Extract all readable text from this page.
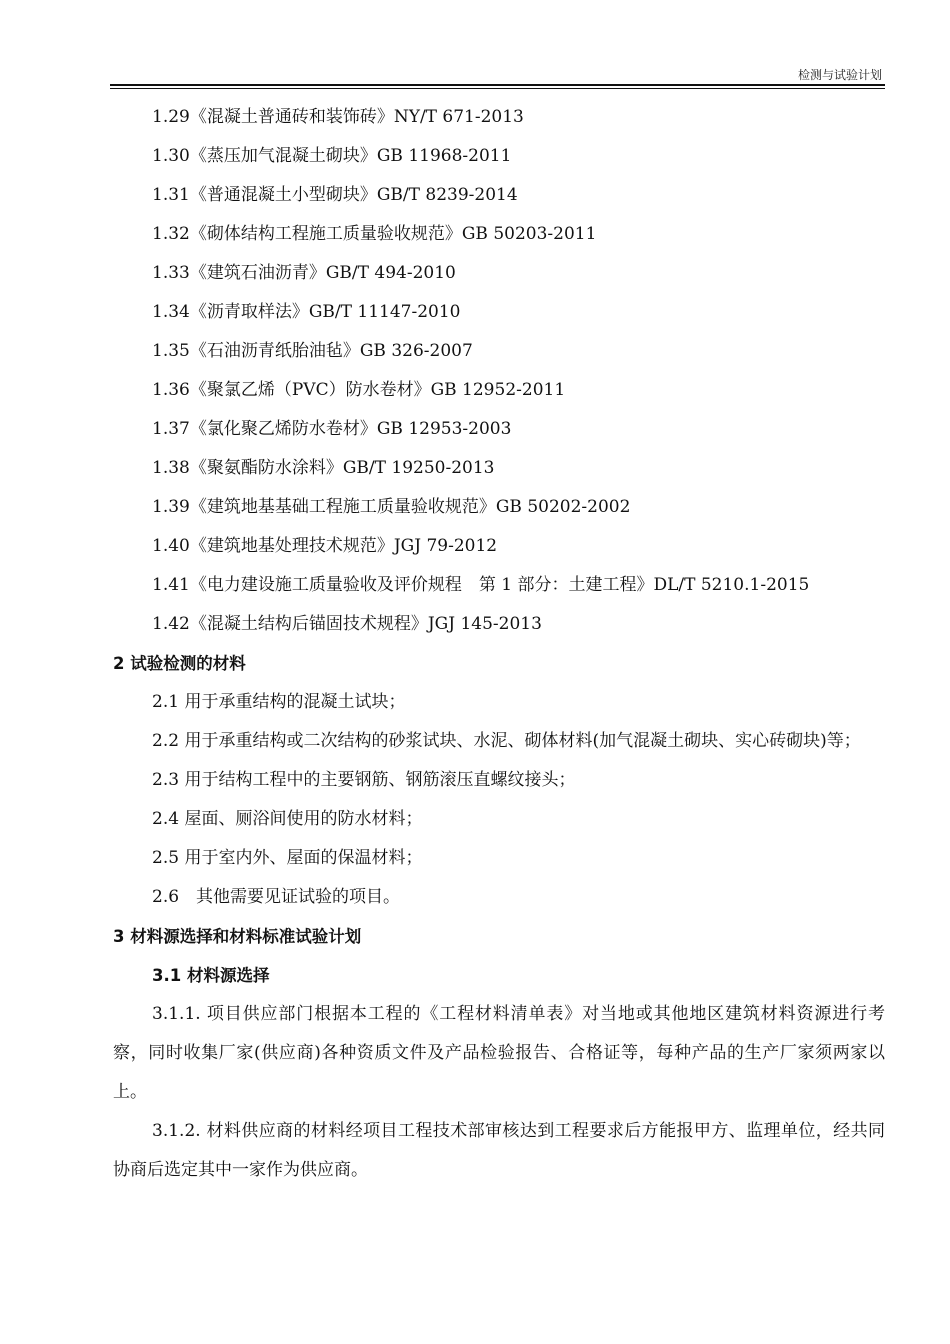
检测与试验计划
1.29《混凝土普通砖和装饰砖》NY/T 671-2013
1.30《蒸压加气混凝土砌块》GB 11968-2011
1.31《普通混凝土小型砌块》GB/T 8239-2014
1.32《砌体结构工程施工质量验收规范》GB 50203-2011
1.33《建筑石油沥青》GB/T 494-2010
1.34《沥青取样法》GB/T 11147-2010
1.35《石油沥青纸胎油毡》GB 326-2007
1.36《聚氯乙烯（PVC）防水卷材》GB 12952-2011
1.37《氯化聚乙烯防水卷材》GB 12953-2003
1.38《聚氨酯防水涂料》GB/T 19250-2013
1.39《建筑地基基础工程施工质量验收规范》GB 50202-2002
1.40《建筑地基处理技术规范》JGJ 79-2012
1.41《电力建设施工质量验收及评价规程　第 1 部分：土建工程》DL/T 5210.1-2015
1.42《混凝土结构后锚固技术规程》JGJ 145-2013
2 试验检测的材料
2.1 用于承重结构的混凝土试块；
2.2 用于承重结构或二次结构的砂浆试块、水泥、砌体材料(加气混凝土砌块、实心砖砌块)等；
2.3 用于结构工程中的主要钢筋、钢筋滚压直螺纹接头；
2.4 屋面、厕浴间使用的防水材料；
2.5 用于室内外、屋面的保温材料；
2.6　其他需要见证试验的项目。
3 材料源选择和材料标准试验计划
3.1 材料源选择
3.1.1. 项目供应部门根据本工程的《工程材料清单表》对当地或其他地区建筑材料资源进行考察，同时收集厂家(供应商)各种资质文件及产品检验报告、合格证等，每种产品的生产厂家须两家以上。
3.1.2. 材料供应商的材料经项目工程技术部审核达到工程要求后方能报甲方、监理单位，经共同协商后选定其中一家作为供应商。
